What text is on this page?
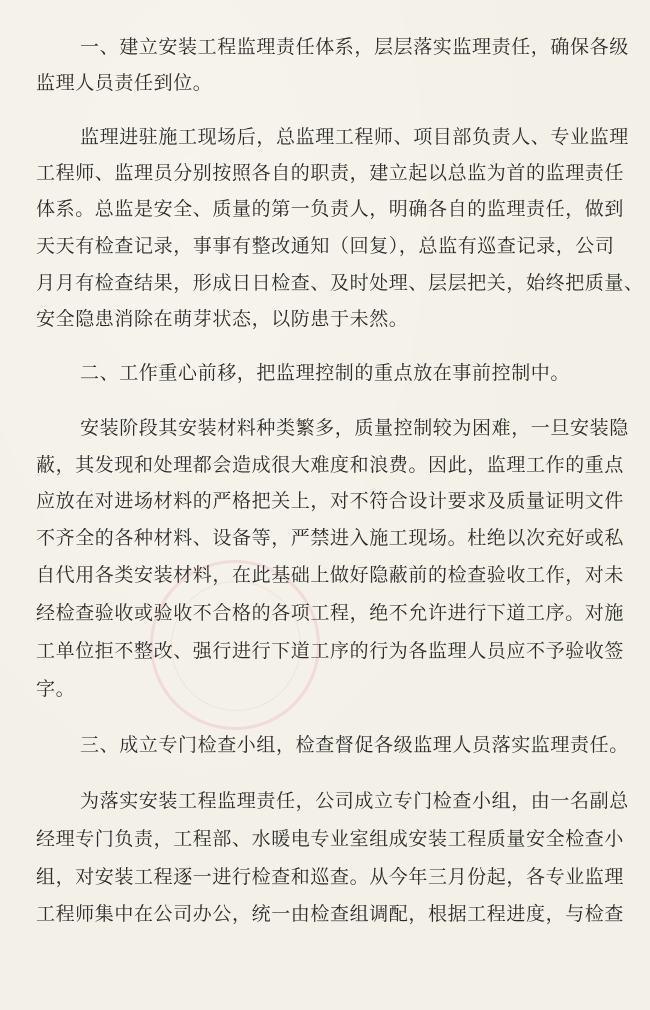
一、建立安装工程监理责任体系，层层落实监理责任，确保各级
监理人员责任到位。
监理进驻施工现场后，总监理工程师、项目部负责人、专业监理
工程师、监理员分别按照各自的职责，建立起以总监为首的监理责任
体系。总监是安全、质量的第一负责人，明确各自的监理责任，做到
天天有检查记录，事事有整改通知（回复），总监有巡查记录，公司
月月有检查结果，形成日日检查、及时处理、层层把关，始终把质量、
安全隐患消除在萌芽状态，以防患于未然。
二、工作重心前移，把监理控制的重点放在事前控制中。
安装阶段其安装材料种类繁多，质量控制较为困难，一旦安装隐
蔽，其发现和处理都会造成很大难度和浪费。因此，监理工作的重点
应放在对进场材料的严格把关上，对不符合设计要求及质量证明文件
不齐全的各种材料、设备等，严禁进入施工现场。杜绝以次充好或私
自代用各类安装材料，在此基础上做好隐蔽前的检查验收工作，对未
经检查验收或验收不合格的各项工程，绝不允许进行下道工序。对施
工单位拒不整改、强行进行下道工序的行为各监理人员应不予验收签
字。
三、成立专门检查小组，检查督促各级监理人员落实监理责任。
为落实安装工程监理责任，公司成立专门检查小组，由一名副总
经理专门负责，工程部、水暖电专业室组成安装工程质量安全检查小
组，对安装工程逐一进行检查和巡查。从今年三月份起，各专业监理
工程师集中在公司办公，统一由检查组调配，根据工程进度，与检查
